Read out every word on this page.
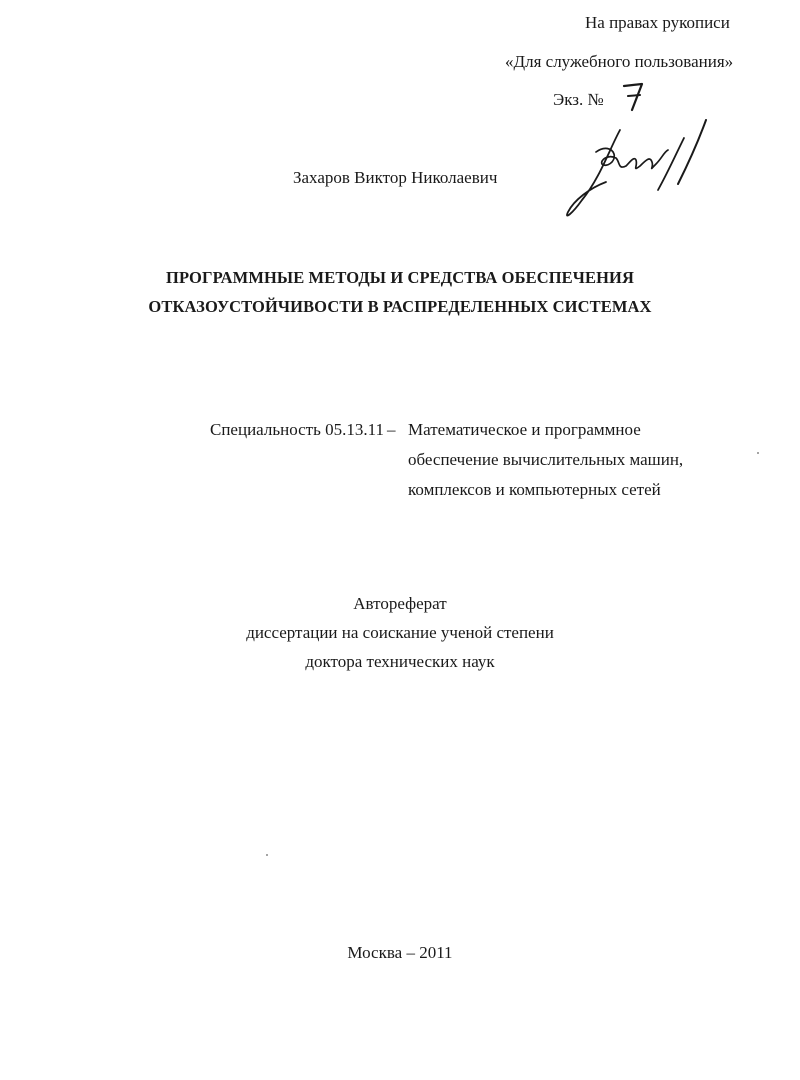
На правах рукописи
«Для служебного пользования»
Экз. №
Захаров Виктор Николаевич
ПРОГРАММНЫЕ МЕТОДЫ И СРЕДСТВА ОБЕСПЕЧЕНИЯ
ОТКАЗОУСТОЙЧИВОСТИ В РАСПРЕДЕЛЕННЫХ СИСТЕМАХ
Специальность 05.13.11 – Математическое и программное
обеспечение вычислительных машин,
комплексов и компьютерных сетей
Автореферат
диссертации на соискание ученой степени
доктора технических наук
Москва – 2011
